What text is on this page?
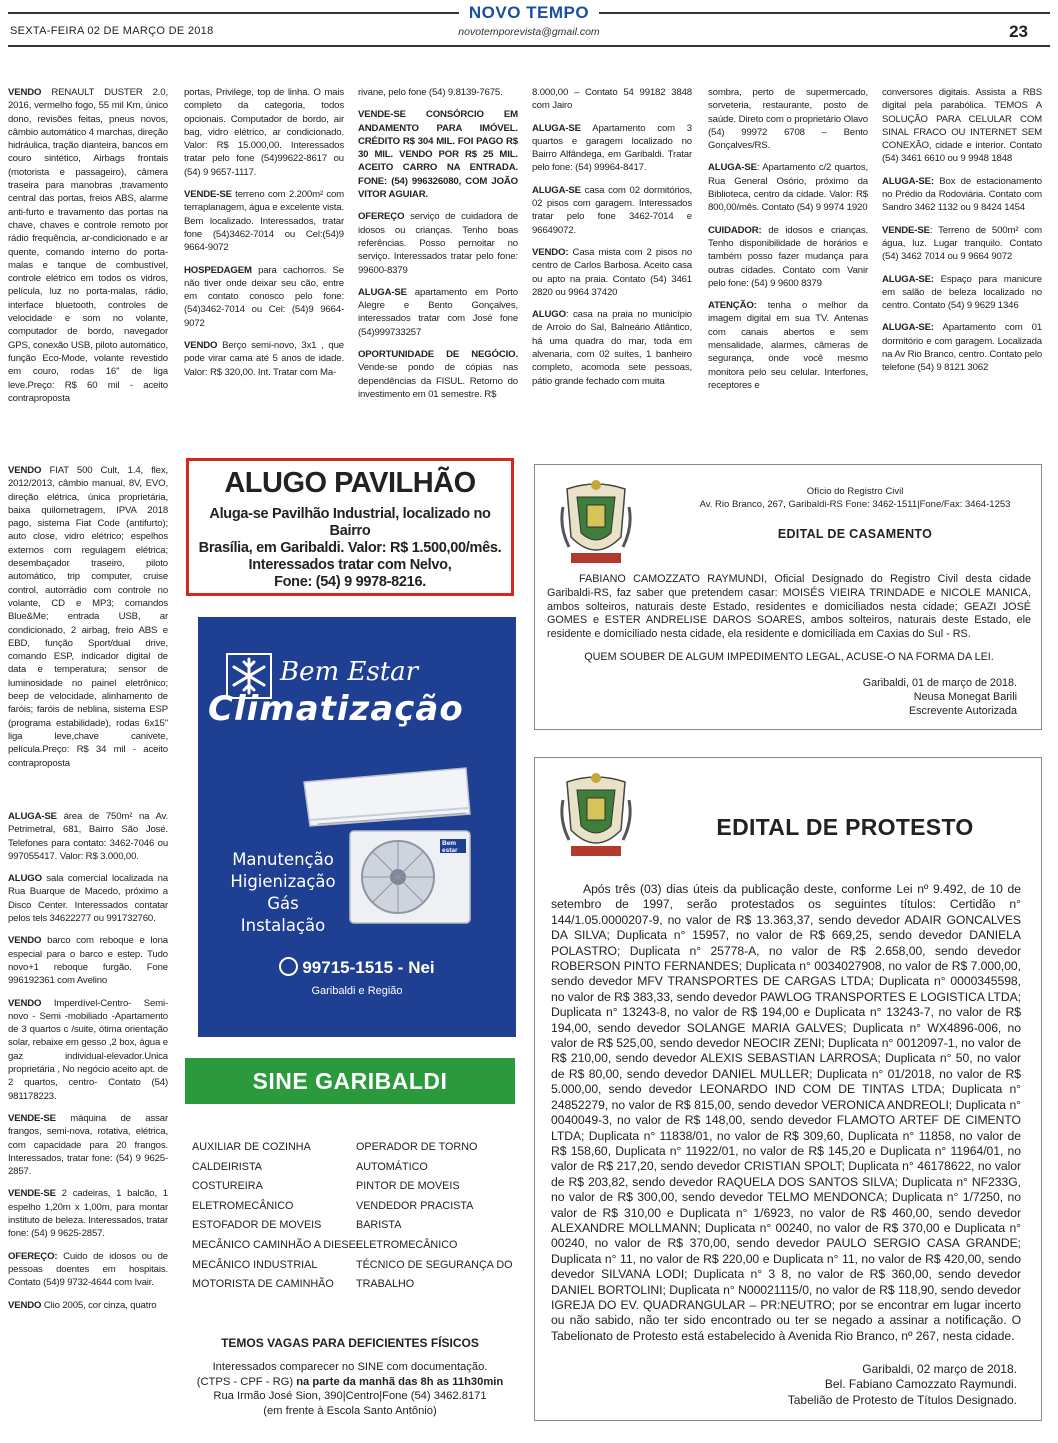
SEXTA-FEIRA 02 DE MARÇO DE 2018
NOVO TEMPO
novotemporevista@gmail.com	23

VENDO RENAULT DUSTER 2.0, 2016, vermelho fogo, 55 mil Km, único dono, revisões feitas, pneus novos, câmbio automático 4 marchas, direção hidráulica, tração dianteira, bancos em couro sintético, Airbags frontais (motorista e passageiro), câmera traseira para manobras ,travamento central das portas, freios ABS, alarme anti-furto e travamento das portas na chave, chaves e controle remoto por rádio frequência, ar-condicionado e ar quente, comando interno do porta-malas e tanque de combustível, controle elétrico em todos os vidros, película, luz no porta-malas, rádio, interface bluetooth, controles de velocidade e som no volante, computador de bordo, navegador GPS, conexão USB, piloto automático, função Eco-Mode, volante revestido em couro, rodas 16'' de liga leve.Preço: R$ 60 mil - aceito contraproposta

VENDO FIAT 500 Cult, 1.4, flex, 2012/2013, câmbio manual, 8V, EVO, direção elétrica, única proprietária, baixa quilometragem, IPVA 2018 pago, sistema Fiat Code (antifurto); auto close, vidro elétrico; espelhos externos com regulagem elétrica; desembaçador traseiro, piloto automático, trip computer, cruise control, autorrádio com controle no volante, CD e MP3; comandos Blue&Me; entrada USB, ar condicionado, 2 airbag, freio ABS e EBD, função Sport/dual drive, comando ESP, indicador digital de data e temperatura; sensor de luminosidade no painel eletrônico; beep de velocidade, alinhamento de faróis; faróis de neblina, sistema ESP (programa estabilidade), rodas 6x15'' liga leve,chave canivete, película.Preço: R$ 34 mil - aceito contraproposta

portas, Privilege, top de linha. O mais completo da categoria, todos opcionais. Computador de bordo, air bag, vidro elétrico, ar condicionado. Valor: R$ 15.000,00. Interessados tratar pelo fone (54)99622-8617 ou (54) 9 9657-1117.

VENDE-SE terreno com 2.200m² com terraplanagem, água e excelente vista. Bem localizado. Interessados, tratar fone (54)3462-7014 ou Cel:(54)9 9664-9072

HOSPEDAGEM para cachorros. Se não tiver onde deixar seu cão, entre em contato conosco pelo fone: (54)3462-7014 ou Cel: (54)9 9664-9072

VENDO Berço semi-novo, 3x1 , que pode virar cama até 5 anos de idade. Valor: R$ 320,00. Int. Tratar com Ma-

rivane, pelo fone (54) 9.8139-7675.

VENDE-SE CONSÓRCIO EM ANDAMENTO PARA IMÓVEL. CRÉDITO R$ 304 MIL. FOI PAGO R$ 30 MIL. VENDO POR R$ 25 MIL. ACEITO CARRO NA ENTRADA. FONE: (54) 996326080, COM JOÃO VITOR AGUIAR.

OFEREÇO serviço de cuidadora de idosos ou crianças. Tenho boas referências. Posso pernoitar no serviço. Interessados tratar pelo fone: 99600-8379

ALUGA-SE apartamento em Porto Alegre e Bento Gonçalves, interessados tratar com José fone (54)999733257

OPORTUNIDADE DE NEGÓCIO. Vende-se pondo de cópias nas dependências da FISUL. Retorno do investimento em 01 semestre. R$

8.000,00 – Contato 54 99182 3848 com Jairo

ALUGA-SE Apartamento com 3 quartos e garagem localizado no Bairro Alfândega, em Garibaldi. Tratar pelo fone: (54) 99964-8417.

ALUGA-SE casa com 02 dormitórios, 02 pisos com garagem. Interessados tratar pelo fone 3462-7014 e 96649072.

VENDO: Casa mista com 2 pisos no centro de Carlos Barbosa. Aceito casa ou apto na praia. Contato (54) 3461 2820 ou 9964 37420

ALUGO: casa na praia no município de Arroio do Sal, Balneário Atlântico, há uma quadra do mar, toda em alvenaria, com 02 suítes, 1 banheiro completo, acomoda sete pessoas, pátio grande fechado com muita

sombra, perto de supermercado, sorveteria, restaurante, posto de saúde. Direto com o proprietário Olavo (54) 99972 6708 – Bento Gonçalves/RS.

ALUGA-SE: Apartamento c/2 quartos, Rua General Osório, próximo da Biblioteca, centro da cidade. Valor: R$ 800,00/mês. Contato (54) 9 9974 1920

CUIDADOR: de idosos e crianças. Tenho disponibilidade de horários e também posso fazer mudança para outras cidades. Contato com Vanir pelo fone: (54) 9 9600 8379

ATENÇÃO: tenha o melhor da imagem digital em sua TV. Antenas com canais abertos e sem mensalidade, alarmes, câmeras de segurança, onde você mesmo monitora pelo seu celular. Interfones, receptores e

conversores digitais. Assista a RBS digital pela parabólica. TEMOS A SOLUÇÃO PARA CELULAR COM SINAL FRACO OU INTERNET SEM CONEXÃO, cidade e interior. Contato (54) 3461 6610 ou 9 9948 1848

ALUGA-SE: Box de estacionamento no Prédio da Rodoviária. Contato com Sandro 3462 1132 ou 9 8424 1454

VENDE-SE: Terreno de 500m² com água, luz. Lugar tranquilo. Contato (54) 3462 7014 ou 9 9664 9072

ALUGA-SE: Espaço para manicure em salão de beleza localizado no centro. Contato (54) 9 9629 1346

ALUGA-SE: Apartamento com 01 dormitório e com garagem. Localizada na Av Rio Branco, centro. Contato pelo telefone (54) 9 8121 3062

ALUGO PAVILHÃO
Aluga-se Pavilhão Industrial, localizado no Bairro
Brasília, em Garibaldi. Valor: R$ 1.500,00/mês.
Interessados tratar com Nelvo,
Fone: (54) 9 9978-8216.
Bem Estar
Climatização
Bem
estar
Manutenção
Higienização
Gás
Instalação
99715-1515 - Nei
Garibaldi e Região
SINE GARIBALDI
AUXILIAR DE COZINHA
CALDEIRISTA
COSTUREIRA
ELETROMECÂNICO
ESTOFADOR DE MOVEIS
MECÂNICO CAMINHÃO A DIESEL
MECÂNICO INDUSTRIAL
MOTORISTA DE CAMINHÃO
OPERADOR DE TORNO
AUTOMÁTICO
PINTOR DE MOVEIS
VENDEDOR PRACISTA
BARISTA
ELETROMECÂNICO
TÉCNICO DE SEGURANÇA DO
TRABALHO
TEMOS VAGAS PARA DEFICIENTES FÍSICOS
Interessados comparecer no SINE com documentação.
(CTPS - CPF - RG) na parte da manhã das 8h as 11h30min
Rua Irmão José Sion, 390|Centro|Fone (54) 3462.8171
(em frente à Escola Santo Antônio)
Ofício do Registro Civil
Av. Rio Branco, 267, Garibaldi-RS Fone: 3462-1511|Fone/Fax: 3464-1253
EDITAL DE CASAMENTO
FABIANO CAMOZZATO RAYMUNDI, Oficial Designado do Registro Civil desta cidade Garibaldi-RS, faz saber que pretendem casar: MOISÉS VIEIRA TRINDADE e NICOLE MANICA, ambos solteiros, naturais deste Estado, residentes e domiciliados nesta cidade; GEAZI JOSÉ GOMES e ESTER ANDRELISE DAROS SOARES, ambos solteiros, naturais deste Estado, ele residente e domiciliado nesta cidade, ela residente e domiciliada em Caxias do Sul - RS.
QUEM SOUBER DE ALGUM IMPEDIMENTO LEGAL, ACUSE-O NA FORMA DA LEI.
Garibaldi, 01 de março de 2018.
Neusa Monegat Barili
Escrevente Autorizada
EDITAL DE PROTESTO
Após três (03) dias úteis da publicação deste, conforme Lei nº 9.492, de 10 de setembro de 1997, serão protestados os seguintes títulos: Certidão n° 144/1.05.0000207-9, no valor de R$ 13.363,37, sendo devedor ADAIR GONCALVES DA SILVA; Duplicata n° 15957, no valor de R$ 669,25, sendo devedor DANIELA POLASTRO; Duplicata n° 25778-A, no valor de R$ 2.658,00, sendo devedor ROBERSON PINTO FERNANDES; Duplicata n° 0034027908, no valor de R$ 7.000,00, sendo devedor MFV TRANSPORTES DE CARGAS LTDA; Duplicata n° 0000345598, no valor de R$ 383,33, sendo devedor PAWLOG TRANSPORTES E LOGISTICA LTDA; Duplicata n° 13243-8, no valor de R$ 194,00 e Duplicata n° 13243-7, no valor de R$ 194,00, sendo devedor SOLANGE MARIA GALVES; Duplicata n° WX4896-006, no valor de R$ 525,00, sendo devedor NEOCIR ZENI; Duplicata n° 0012097-1, no valor de R$ 210,00, sendo devedor ALEXIS SEBASTIAN LARROSA; Duplicata n° 50, no valor de R$ 80,00, sendo devedor DANIEL MULLER; Duplicata n° 01/2018, no valor de R$ 5.000,00, sendo devedor LEONARDO IND COM DE TINTAS LTDA; Duplicata n° 24852279, no valor de R$ 815,00, sendo devedor VERONICA ANDREOLI; Duplicata n° 0040049-3, no valor de R$ 148,00, sendo devedor FLAMOTO ARTEF DE CIMENTO LTDA; Duplicata n° 11838/01, no valor de R$ 309,60, Duplicata n° 11858, no valor de R$ 158,60, Duplicata n° 11922/01, no valor de R$ 145,20 e Duplicata n° 11964/01, no valor de R$ 217,20, sendo devedor CRISTIAN SPOLT; Duplicata n° 46178622, no valor de R$ 203,82, sendo devedor RAQUELA DOS SANTOS SILVA; Duplicata n° NF233G, no valor de R$ 300,00, sendo devedor TELMO MENDONCA; Duplicata n° 1/7250, no valor de R$ 310,00 e Duplicata n° 1/6923, no valor de R$ 460,00, sendo devedor ALEXANDRE MOLLMANN; Duplicata n° 00240, no valor de R$ 370,00 e Duplicata n° 00240, no valor de R$ 370,00, sendo devedor PAULO SERGIO CASA GRANDE; Duplicata n° 11, no valor de R$ 220,00 e Duplicata n° 11, no valor de R$ 420,00, sendo devedor SILVANA LODI; Duplicata n° 3 8, no valor de R$ 360,00, sendo devedor DANIEL BORTOLINI; Duplicata n° N00021115/0, no valor de R$ 118,90, sendo devedor IGREJA DO EV. QUADRANGULAR – PR:NEUTRO; por se encontrar em lugar incerto ou não sabido, não ter sido encontrado ou ter se negado a assinar a notificação. O Tabelionato de Protesto está estabelecido à Avenida Rio Branco, nº 267, nesta cidade.
Garibaldi, 02 março de 2018.
Bel. Fabiano Camozzato Raymundi.
Tabelião de Protesto de Títulos Designado.

ALUGA-SE área de 750m² na Av. Petrimetral, 681, Bairro São José. Telefones para contato: 3462-7046 ou 997055417. Valor: R$ 3.000,00.

ALUGO sala comercial localizada na Rua Buarque de Macedo, próximo a Disco Center. Interessados contatar pelos tels 34622277 ou 991732760.

VENDO barco com reboque e lona especial para o barco e estep. Tudo novo+1 reboque furgão. Fone 996192361 com Avelino

VENDO Imperdível-Centro- Semi-novo - Semi -mobiliado -Apartamento de 3 quartos c /suite, ótima orientação solar, rebaixe em gesso ,2 box, água e gaz individual-elevador.Unica proprietária , No negócio aceito apt. de 2 quartos, centro- Contato (54) 981178223.

VENDE-SE máquina de assar frangos, semi-nova, rotativa, elétrica, com capacidade para 20 frangos. Interessados, tratar fone: (54) 9 9625-2857.

VENDE-SE 2 cadeiras, 1 balcão, 1 espelho 1,20m x 1,00m, para montar instituto de beleza. Interessados, tratar fone: (54) 9 9625-2857.

OFEREÇO: Cuido de idosos ou de pessoas doentes em hospitais. Contato (54)9 9732-4644 com Ivair.

VENDO Clio 2005, cor cinza, quatro
